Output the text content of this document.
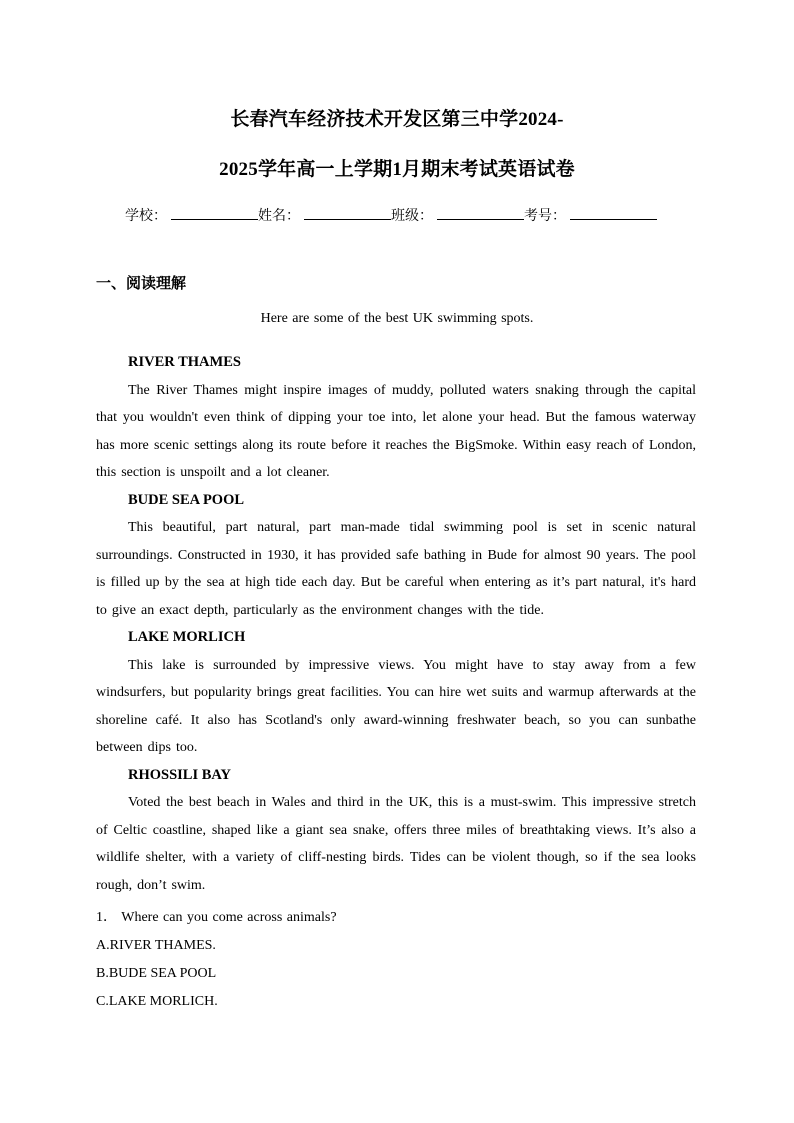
长春汽车经济技术开发区第三中学2024-
2025学年高一上学期1月期末考试英语试卷
学校：	姓名：	班级：	考号：
一、阅读理解
Here are some of the best UK swimming spots.
RIVER THAMES
The River Thames might inspire images of muddy, polluted waters snaking through the capital that you wouldn't even think of dipping your toe into, let alone your head. But the famous waterway has more scenic settings along its route before it reaches the BigSmoke. Within easy reach of London, this section is unspoilt and a lot cleaner.
BUDE SEA POOL
This beautiful, part natural, part man-made tidal swimming pool is set in scenic natural surroundings. Constructed in 1930, it has provided safe bathing in Bude for almost 90 years. The pool is filled up by the sea at high tide each day. But be careful when entering as it’s part natural, it's hard to give an exact depth, particularly as the environment changes with the tide.
LAKE MORLICH
This lake is surrounded by impressive views. You might have to stay away from a few windsurfers, but popularity brings great facilities. You can hire wet suits and warmup afterwards at the shoreline café. It also has Scotland's only award-winning freshwater beach, so you can sunbathe between dips too.
RHOSSILI BAY
Voted the best beach in Wales and third in the UK, this is a must-swim. This impressive stretch of Celtic coastline, shaped like a giant sea snake, offers three miles of breathtaking views. It’s also a wildlife shelter, with a variety of cliff-nesting birds. Tides can be violent though, so if the sea looks rough, don’t swim.
1． Where can you come across animals?
A.RIVER THAMES.
B.BUDE SEA POOL
C.LAKE MORLICH.
